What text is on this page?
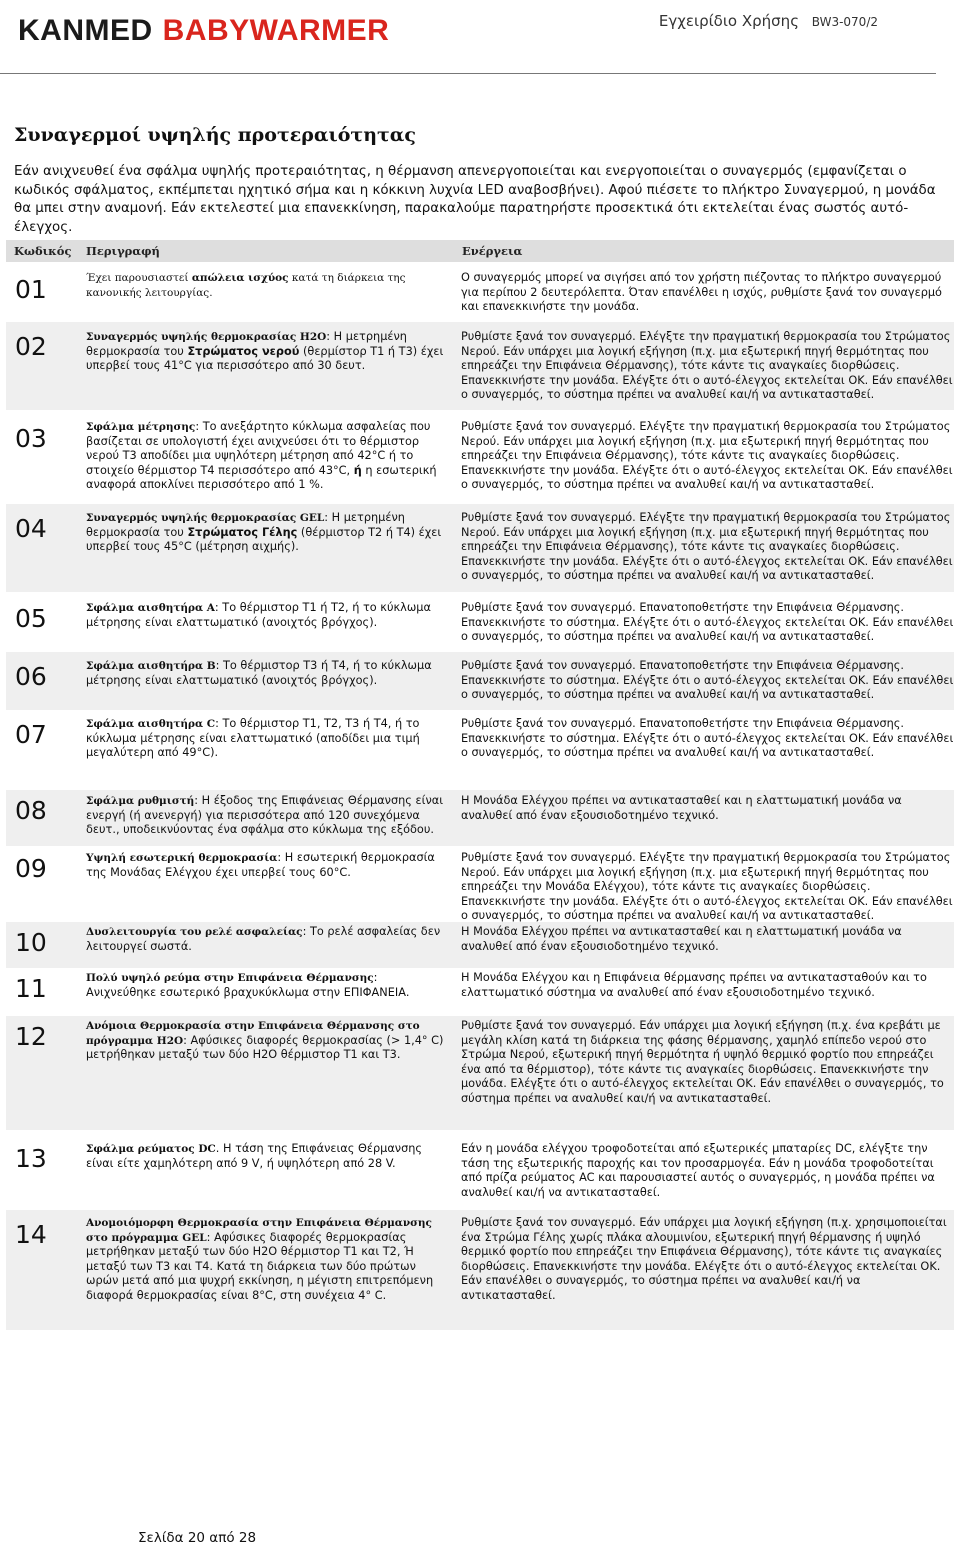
KANMED BABYWARMER	Εγχειρίδιο Χρήσης BW3-070/2
Συναγερμοί υψηλής προτεραιότητας
Εάν ανιχνευθεί ένα σφάλμα υψηλής προτεραιότητας, η θέρμανση απενεργοποιείται και ενεργοποιείται ο συναγερμός (εμφανίζεται ο κωδικός σφάλματος, εκπέμπεται ηχητικό σήμα και η κόκκινη λυχνία LED αναβοσβήνει). Αφού πιέσετε το πλήκτρο Συναγερμού, η μονάδα θα μπει στην αναμονή. Εάν εκτελεστεί μια επανεκκίνηση, παρακαλούμε παρατηρήστε προσεκτικά ότι εκτελείται ένας σωστός αυτό-έλεγχος.
Κωδικός Περιγραφή	Ενέργεια
01	Έχει παρουσιαστεί απώλεια ισχύος κατά τη διάρκεια της κανονικής λειτουργίας.
Ο συναγερμός μπορεί να σιγήσει από τον χρήστη πιέζοντας το πλήκτρο συναγερμού για περίπου 2 δευτερόλεπτα. Όταν επανέλθει η ισχύς, ρυθμίστε ξανά τον συναγερμό και επανεκκινήστε την μονάδα.
02	Συναγερμός υψηλής θερμοκρασίας H2O: Η μετρημένη θερμοκρασία του Στρώματος νερού (θερμίστορ T1 ή T3) έχει υπερβεί τους 41°C για περισσότερο από 30 δευτ.
Ρυθμίστε ξανά τον συναγερμό. Ελέγξτε την πραγματική θερμοκρασία του Στρώματος Νερού. Εάν υπάρχει μια λογική εξήγηση (π.χ. μια εξωτερική πηγή θερμότητας που επηρεάζει την Επιφάνεια Θέρμανσης), τότε κάντε τις αναγκαίες διορθώσεις. Επανεκκινήστε την μονάδα. Ελέγξτε ότι ο αυτό-έλεγχος εκτελείται ΟΚ. Εάν επανέλθει ο συναγερμός, το σύστημα πρέπει να αναλυθεί και/ή να αντικατασταθεί.
03	Σφάλμα μέτρησης: Το ανεξάρτητο κύκλωμα ασφαλείας που βασίζεται σε υπολογιστή έχει ανιχνεύσει ότι το θέρμιστορ νερού T3 αποδίδει μια υψηλότερη μέτρηση από 42°C ή το στοιχείο θέρμιστορ T4 περισσότερο από 43°C, ή η εσωτερική αναφορά αποκλίνει περισσότερο από 1 %.
Ρυθμίστε ξανά τον συναγερμό. Ελέγξτε την πραγματική θερμοκρασία του Στρώματος Νερού. Εάν υπάρχει μια λογική εξήγηση (π.χ. μια εξωτερική πηγή θερμότητας που επηρεάζει την Επιφάνεια Θέρμανσης), τότε κάντε τις αναγκαίες διορθώσεις. Επανεκκινήστε την μονάδα. Ελέγξτε ότι ο αυτό-έλεγχος εκτελείται ΟΚ. Εάν επανέλθει ο συναγερμός, το σύστημα πρέπει να αναλυθεί και/ή να αντικατασταθεί.
04	Συναγερμός υψηλής θερμοκρασίας GEL: Η μετρημένη θερμοκρασία του Στρώματος Γέλης (θέρμιστορ T2 ή T4) έχει υπερβεί τους 45°C (μέτρηση αιχμής).
Ρυθμίστε ξανά τον συναγερμό. Ελέγξτε την πραγματική θερμοκρασία του Στρώματος Νερού. Εάν υπάρχει μια λογική εξήγηση (π.χ. μια εξωτερική πηγή θερμότητας που επηρεάζει την Επιφάνεια Θέρμανσης), τότε κάντε τις αναγκαίες διορθώσεις. Επανεκκινήστε την μονάδα. Ελέγξτε ότι ο αυτό-έλεγχος εκτελείται ΟΚ. Εάν επανέλθει ο συναγερμός, το σύστημα πρέπει να αναλυθεί και/ή να αντικατασταθεί.
05	Σφάλμα αισθητήρα A: Το θέρμιστορ T1 ή T2, ή το κύκλωμα μέτρησης είναι ελαττωματικό (ανοιχτός βρόγχος).
Ρυθμίστε ξανά τον συναγερμό. Επανατοποθετήστε την Επιφάνεια Θέρμανσης. Επανεκκινήστε το σύστημα. Ελέγξτε ότι ο αυτό-έλεγχος εκτελείται ΟΚ. Εάν επανέλθει ο συναγερμός, το σύστημα πρέπει να αναλυθεί και/ή να αντικατασταθεί.
06	Σφάλμα αισθητήρα B: Το θέρμιστορ T3 ή T4, ή το κύκλωμα μέτρησης είναι ελαττωματικό (ανοιχτός βρόγχος).
Ρυθμίστε ξανά τον συναγερμό. Επανατοποθετήστε την Επιφάνεια Θέρμανσης. Επανεκκινήστε το σύστημα. Ελέγξτε ότι ο αυτό-έλεγχος εκτελείται ΟΚ. Εάν επανέλθει ο συναγερμός, το σύστημα πρέπει να αναλυθεί και/ή να αντικατασταθεί.
07	Σφάλμα αισθητήρα C: Το θέρμιστορ T1, T2, T3 ή T4, ή το κύκλωμα μέτρησης είναι ελαττωματικό (αποδίδει μια τιμή μεγαλύτερη από 49°C).
Ρυθμίστε ξανά τον συναγερμό. Επανατοποθετήστε την Επιφάνεια Θέρμανσης. Επανεκκινήστε το σύστημα. Ελέγξτε ότι ο αυτό-έλεγχος εκτελείται ΟΚ. Εάν επανέλθει ο συναγερμός, το σύστημα πρέπει να αναλυθεί και/ή να αντικατασταθεί.
08	Σφάλμα ρυθμιστή: Η έξοδος της Επιφάνειας Θέρμανσης είναι ενεργή (ή ανενεργή) για περισσότερα από 120 συνεχόμενα δευτ., υποδεικνύοντας ένα σφάλμα στο κύκλωμα της εξόδου.
Η Μονάδα Ελέγχου πρέπει να αντικατασταθεί και η ελαττωματική μονάδα να αναλυθεί από έναν εξουσιοδοτημένο τεχνικό.
09	Υψηλή εσωτερική θερμοκρασία: Η εσωτερική θερμοκρασία της Μονάδας Ελέγχου έχει υπερβεί τους 60°C.
Ρυθμίστε ξανά τον συναγερμό. Ελέγξτε την πραγματική θερμοκρασία του Στρώματος Νερού. Εάν υπάρχει μια λογική εξήγηση (π.χ. μια εξωτερική πηγή θερμότητας που επηρεάζει την Μονάδα Ελέγχου), τότε κάντε τις αναγκαίες διορθώσεις. Επανεκκινήστε την μονάδα. Ελέγξτε ότι ο αυτό-έλεγχος εκτελείται ΟΚ. Εάν επανέλθει ο συναγερμός, το σύστημα πρέπει να αναλυθεί και/ή να αντικατασταθεί.
10	Δυσλειτουργία του ρελέ ασφαλείας: Το ρελέ ασφαλείας δεν λειτουργεί σωστά.
Η Μονάδα Ελέγχου πρέπει να αντικατασταθεί και η ελαττωματική μονάδα να αναλυθεί από έναν εξουσιοδοτημένο τεχνικό.
11	Πολύ υψηλό ρεύμα στην Επιφάνεια Θέρμανσης: Ανιχνεύθηκε εσωτερικό βραχυκύκλωμα στην ΕΠΙΦΑΝΕΙΑ.
Η Μονάδα Ελέγχου και η Επιφάνεια θέρμανσης πρέπει να αντικατασταθούν και το ελαττωματικό σύστημα να αναλυθεί από έναν εξουσιοδοτημένο τεχνικό.
12	Ανόμοια Θερμοκρασία στην Επιφάνεια Θέρμανσης στο πρόγραμμα H2O: Αφύσικες διαφορές θερμοκρασίας (> 1,4° C) μετρήθηκαν μεταξύ των δύο H2O θέρμιστορ T1 και T3.
Ρυθμίστε ξανά τον συναγερμό. Εάν υπάρχει μια λογική εξήγηση (π.χ. ένα κρεβάτι με μεγάλη κλίση κατά τη διάρκεια της φάσης θέρμανσης, χαμηλό επίπεδο νερού στο Στρώμα Νερού, εξωτερική πηγή θερμότητα ή υψηλό θερμικό φορτίο που επηρεάζει ένα από τα θέρμιστορ), τότε κάντε τις αναγκαίες διορθώσεις. Επανεκκινήστε την μονάδα. Ελέγξτε ότι ο αυτό-έλεγχος εκτελείται ΟΚ. Εάν επανέλθει ο συναγερμός, το σύστημα πρέπει να αναλυθεί και/ή να αντικατασταθεί.
13	Σφάλμα ρεύματος DC. Η τάση της Επιφάνειας Θέρμανσης είναι είτε χαμηλότερη από 9 V, ή υψηλότερη από 28 V.
Εάν η μονάδα ελέγχου τροφοδοτείται από εξωτερικές μπαταρίες DC, ελέγξτε την τάση της εξωτερικής παροχής και τον προσαρμογέα. Εάν η μονάδα τροφοδοτείται από πρίζα ρεύματος AC και παρουσιαστεί αυτός ο συναγερμός, η μονάδα πρέπει να αναλυθεί και/ή να αντικατασταθεί.
14	Ανομοιόμορφη Θερμοκρασία στην Επιφάνεια Θέρμανσης στο πρόγραμμα GEL: Αφύσικες διαφορές θερμοκρασίας μετρήθηκαν μεταξύ των δύο H2O θέρμιστορ T1 και T2, Ή μεταξύ των T3 και T4. Κατά τη διάρκεια των δύο πρώτων ωρών μετά από μια ψυχρή εκκίνηση, η μέγιστη επιτρεπόμενη διαφορά θερμοκρασίας είναι 8°C, στη συνέχεια 4° C.
Ρυθμίστε ξανά τον συναγερμό. Εάν υπάρχει μια λογική εξήγηση (π.χ. χρησιμοποιείται ένα Στρώμα Γέλης χωρίς πλάκα αλουμινίου, εξωτερική πηγή θέρμανσης ή υψηλό θερμικό φορτίο που επηρεάζει την Επιφάνεια Θέρμανσης), τότε κάντε τις αναγκαίες διορθώσεις. Επανεκκινήστε την μονάδα. Ελέγξτε ότι ο αυτό-έλεγχος εκτελείται ΟΚ. Εάν επανέλθει ο συναγερμός, το σύστημα πρέπει να αναλυθεί και/ή να αντικατασταθεί.
Σελίδα 20 από 28
